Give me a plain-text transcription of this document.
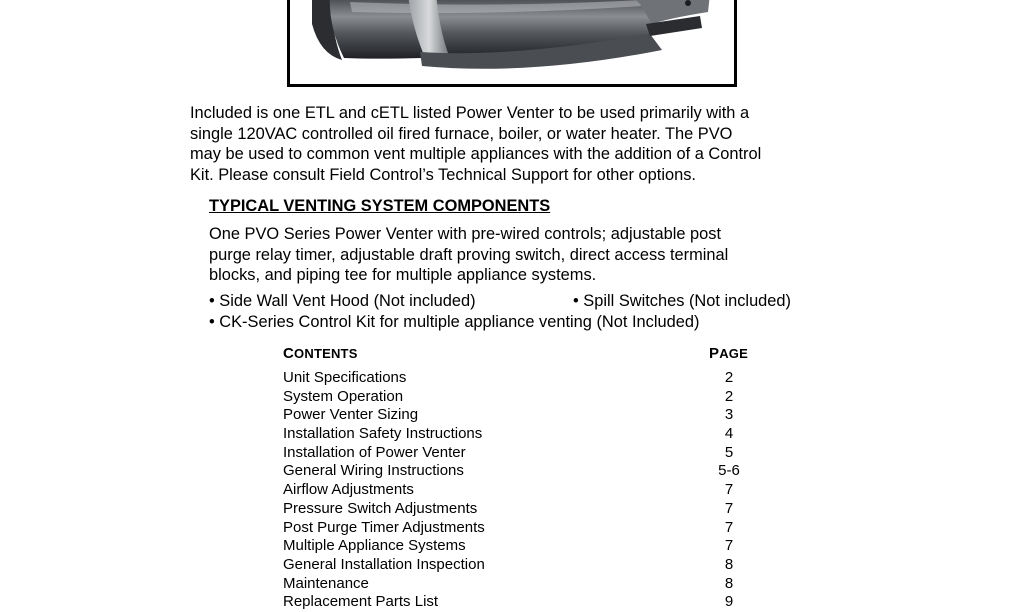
Included is one ETL and cETL listed Power Venter to be used primarily with a
single 120VAC controlled oil fired furnace, boiler, or water heater. The PVO
may be used to common vent multiple appliances with the addition of a Control
Kit. Please consult Field Control’s Technical Support for other options.
TYPICAL VENTING SYSTEM COMPONENTS
One PVO Series Power Venter with pre-wired controls; adjustable post
purge relay timer, adjustable draft proving switch, direct access terminal
blocks, and piping tee for multiple appliance systems.
• Side Wall Vent Hood (Not included)	• Spill Switches (Not included)
• CK-Series Control Kit for multiple appliance venting (Not Included)
CONTENTS	PAGE
Unit Specifications	2
System Operation	2
Power Venter Sizing	3
Installation Safety Instructions	4
Installation of Power Venter	5
General Wiring Instructions	5-6
Airflow Adjustments	7
Pressure Switch Adjustments	7
Post Purge Timer Adjustments	7
Multiple Appliance Systems	7
General Installation Inspection	8
Maintenance	8
Replacement Parts List	9
